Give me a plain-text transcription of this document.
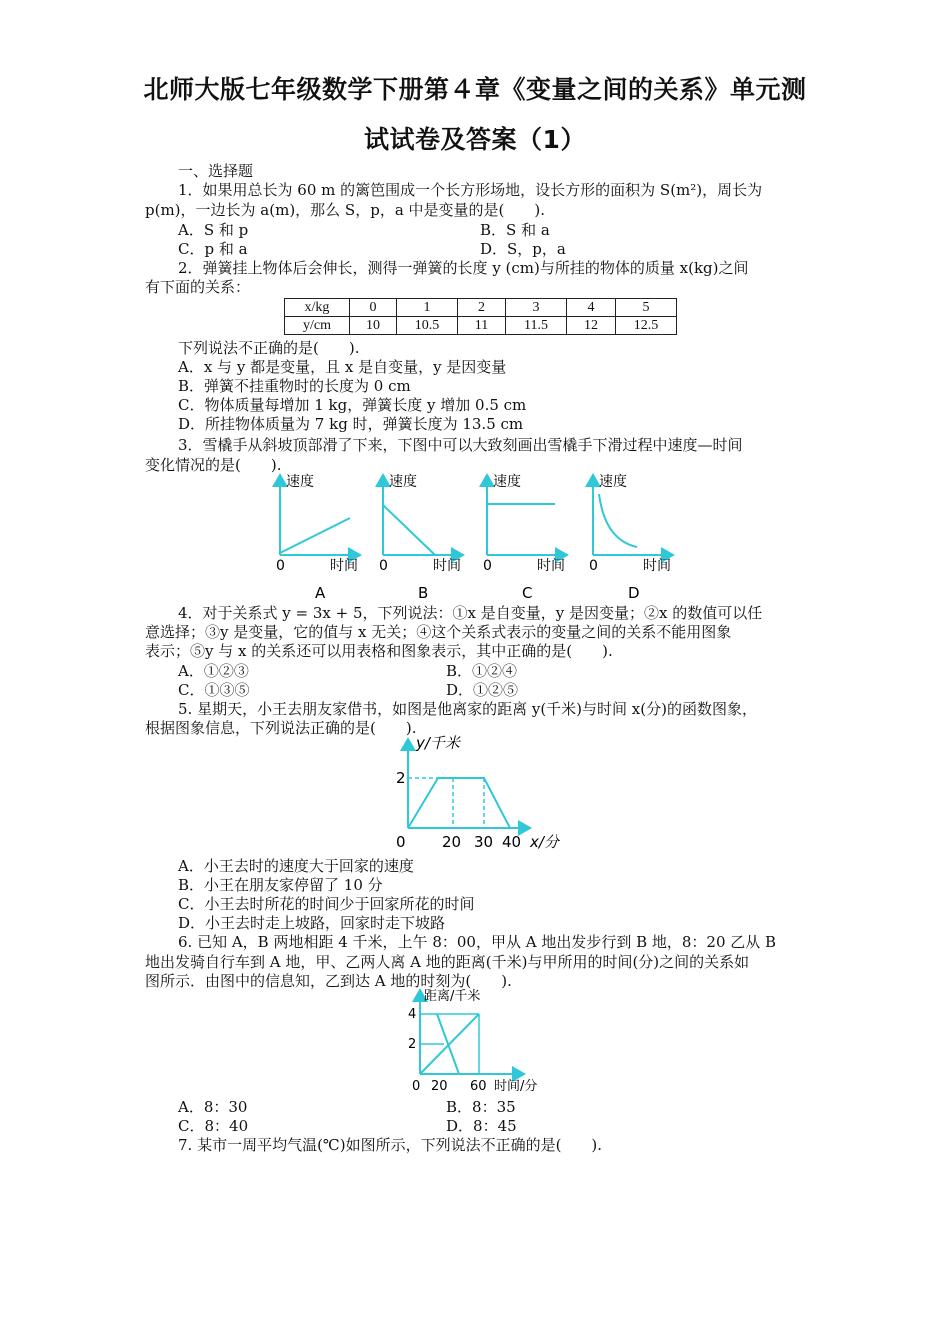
北师大版七年级数学下册第４章《变量之间的关系》单元测
试试卷及答案（1）
一、选择题
1．如果用总长为 60 m 的篱笆围成一个长方形场地，设长方形的面积为 S(m²)，周长为
p(m)，一边长为 a(m)，那么 S，p，a 中是变量的是(　　).
A．S 和 p	B．S 和 a
C．p 和 a	D．S，p，a
2．弹簧挂上物体后会伸长，测得一弹簧的长度 y (cm)与所挂的物体的质量 x(kg)之间
有下面的关系：
x/kg	0	1	2	3	4	5
y/cm	10	10.5	11	11.5	12	12.5
下列说法不正确的是(　　).
A．x 与 y 都是变量，且 x 是自变量，y 是因变量
B．弹簧不挂重物时的长度为 0 cm
C．物体质量每增加 1 kg，弹簧长度 y 增加 0.5 cm
D．所挂物体质量为 7 kg 时，弹簧长度为 13.5 cm
3．雪橇手从斜坡顶部滑了下来，下图中可以大致刻画出雪橇手下滑过程中速度—时间
变化情况的是(　　).
速度
0	时间
A
速度
0	时间
B
速度
0	时间
C
速度
0	时间
D
4．对于关系式 y = 3x + 5，下列说法：①x 是自变量，y 是因变量；②x 的数值可以任
意选择；③y 是变量，它的值与 x 无关；④这个关系式表示的变量之间的关系不能用图象
表示；⑤y 与 x 的关系还可以用表格和图象表示，其中正确的是(　　).
A．①②③	B．①②④
C．①③⑤	D．①②⑤
5. 星期天，小王去朋友家借书，如图是他离家的距离 y(千米)与时间 x(分)的函数图象，
根据图象信息，下列说法正确的是(　　).
y/千米
2
0 20 30 40 x/分
A．小王去时的速度大于回家的速度
B．小王在朋友家停留了 10 分
C．小王去时所花的时间少于回家所花的时间
D．小王去时走上坡路，回家时走下坡路
6. 已知 A，B 两地相距 4 千米，上午 8：00，甲从 A 地出发步行到 B 地，8：20 乙从 B
地出发骑自行车到 A 地，甲、乙两人离 A 地的距离(千米)与甲所用的时间(分)之间的关系如
图所示．由图中的信息知，乙到达 A 地的时刻为(　　).
距离/千米
4
2
0 20 60 时间/分
A．8：30	B．8：35
C．8：40	D．8：45
7. 某市一周平均气温(℃)如图所示，下列说法不正确的是(　　).
